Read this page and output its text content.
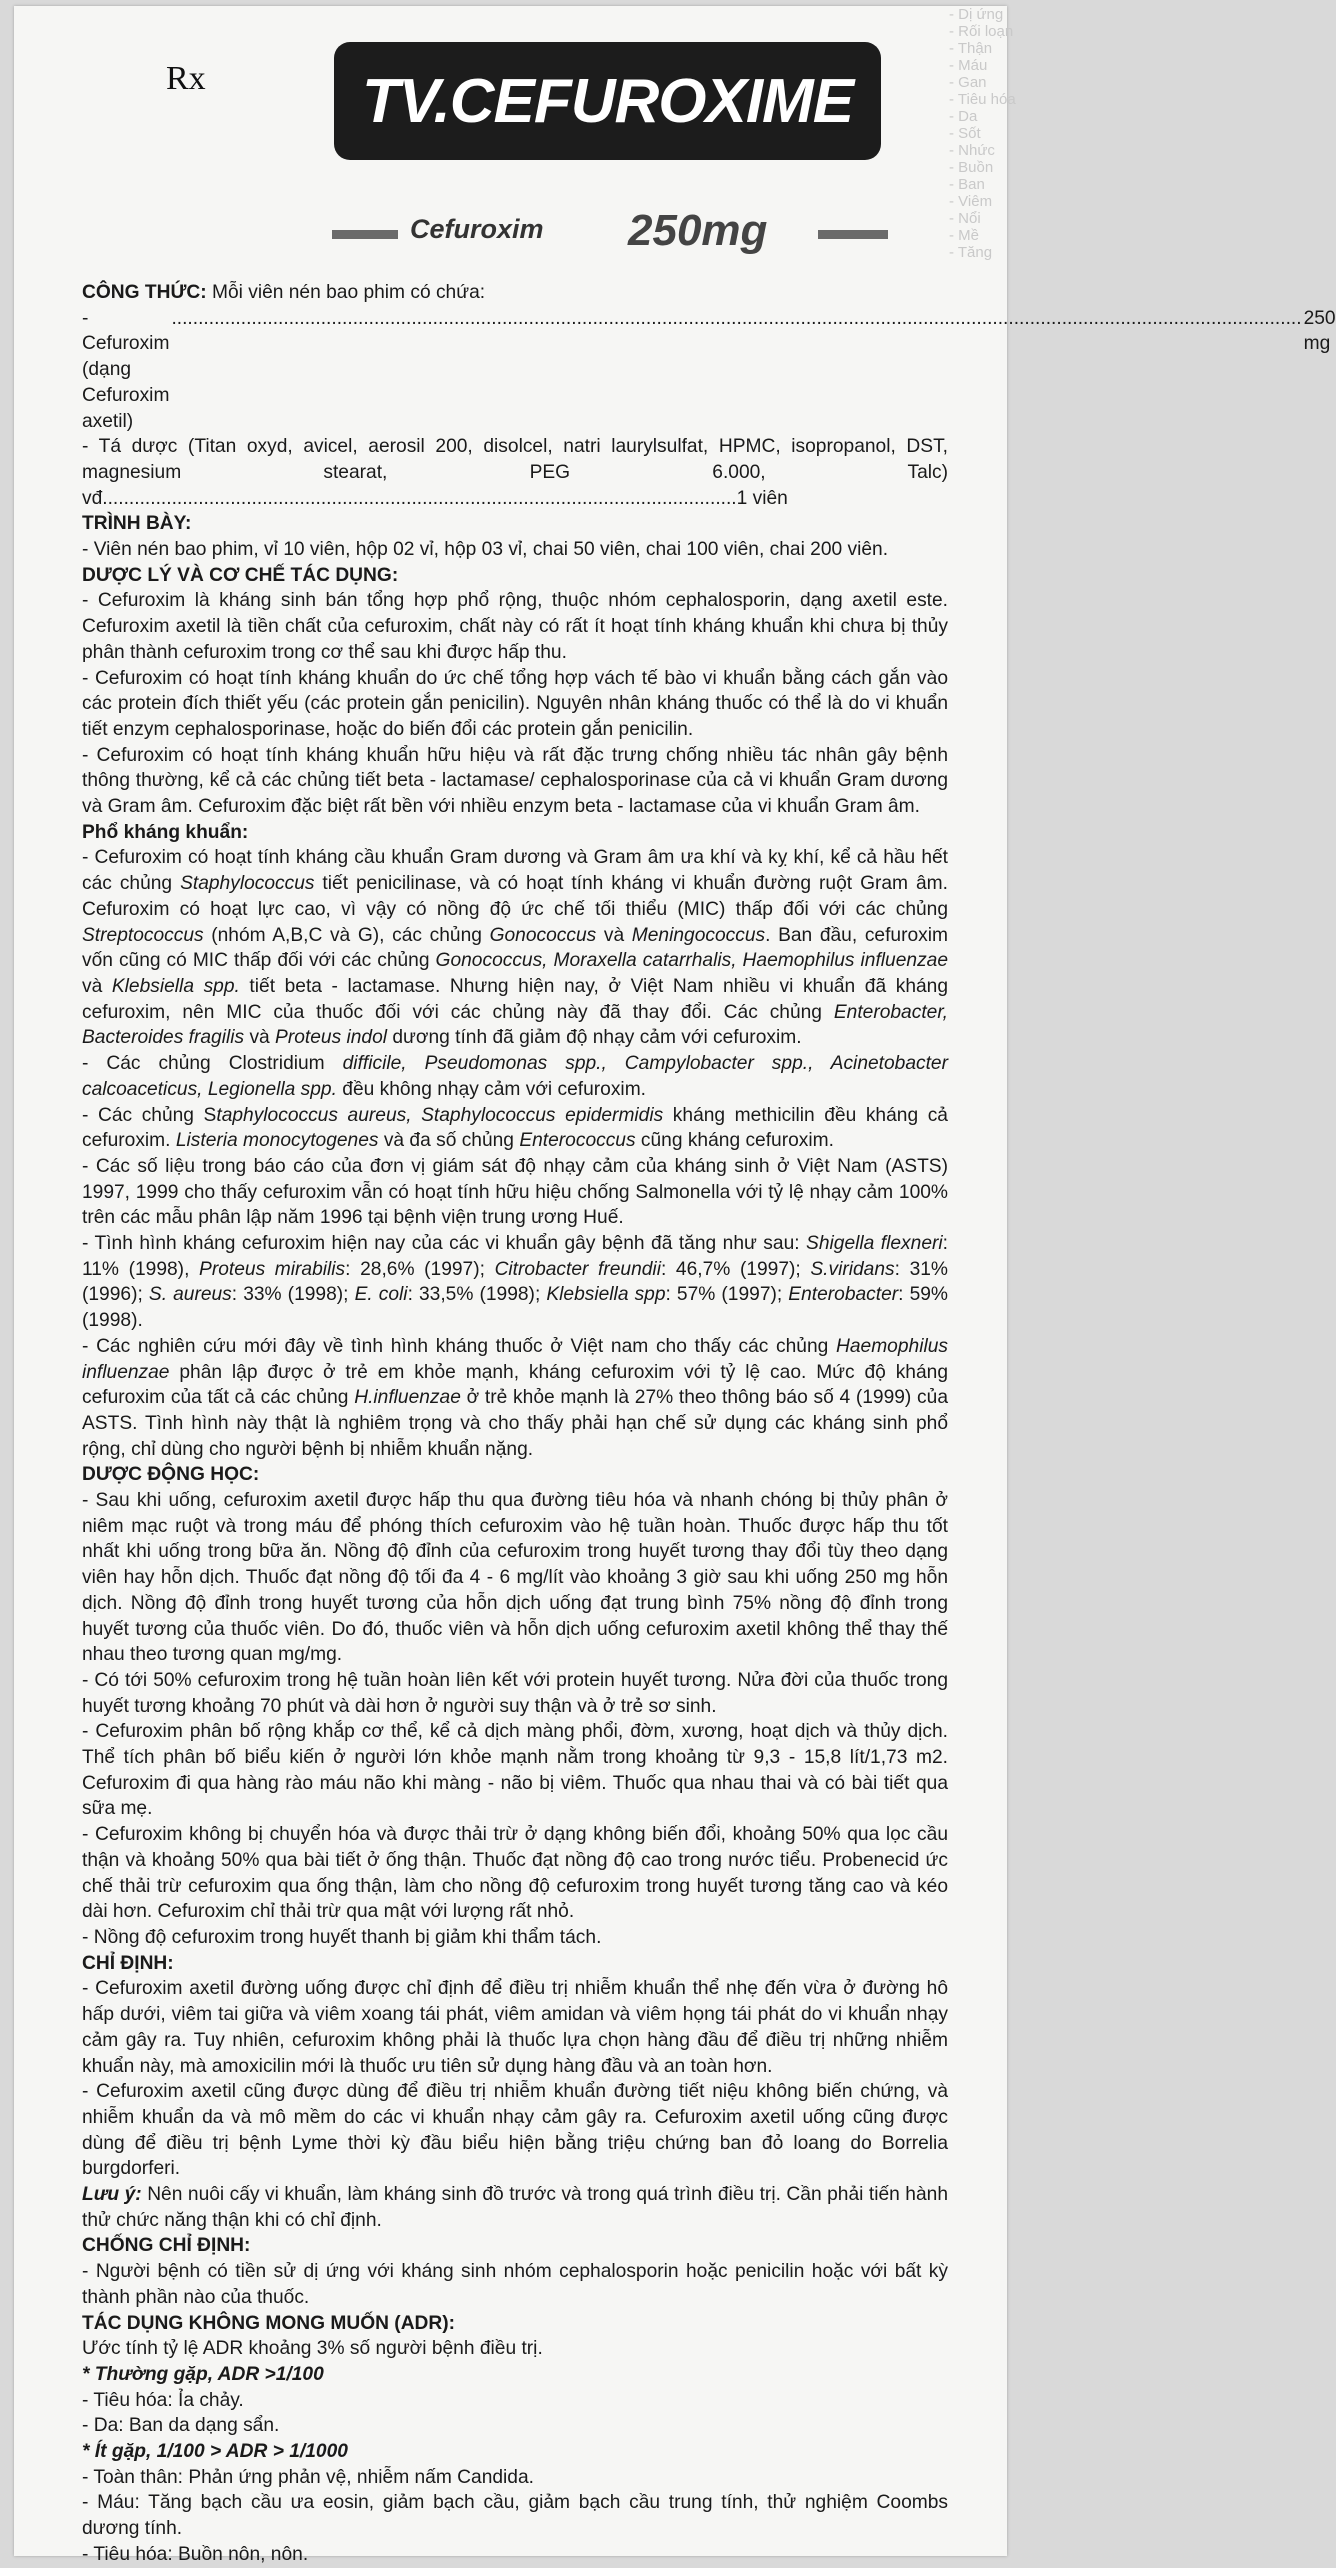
- Dị ứng
- Rối loạn
- Thận
- Máu
- Gan
- Tiêu hóa
- Da
- Sốt
- Nhức
- Buồn
- Ban
- Viêm
- Nổi
- Mề
- Tăng
Rx	TV.CEFUROXIME
Cefuroxim 250mg

CÔNG THỨC: Mỗi viên nén bao phim có chứa:

- Cefuroxim (dạng Cefuroxim axetil)
.....
250 mg

- Tá dược (Titan oxyd, avicel, aerosil 200, disolcel, natri laurylsulfat, HPMC, isopropanol, DST, magnesium stearat, PEG 6.000, Talc) vđ.......................................................................................................................1 viên

TRÌNH BÀY:

- Viên nén bao phim, vỉ 10 viên, hộp 02 vỉ, hộp 03 vỉ, chai 50 viên, chai 100 viên, chai 200 viên.

DƯỢC LÝ VÀ CƠ CHẾ TÁC DỤNG:

- Cefuroxim là kháng sinh bán tổng hợp phổ rộng, thuộc nhóm cephalosporin, dạng axetil este. Cefuroxim axetil là tiền chất của cefuroxim, chất này có rất ít hoạt tính kháng khuẩn khi chưa bị thủy phân thành cefuroxim trong cơ thể sau khi được hấp thu.

- Cefuroxim có hoạt tính kháng khuẩn do ức chế tổng hợp vách tế bào vi khuẩn bằng cách gắn vào các protein đích thiết yếu (các protein gắn penicilin). Nguyên nhân kháng thuốc có thể là do vi khuẩn tiết enzym cephalosporinase, hoặc do biến đổi các protein gắn penicilin.

- Cefuroxim có hoạt tính kháng khuẩn hữu hiệu và rất đặc trưng chống nhiều tác nhân gây bệnh thông thường, kể cả các chủng tiết beta - lactamase/ cephalosporinase của cả vi khuẩn Gram dương và Gram âm. Cefuroxim đặc biệt rất bền với nhiều enzym beta - lactamase của vi khuẩn Gram âm.

Phổ kháng khuẩn:

- Cefuroxim có hoạt tính kháng cầu khuẩn Gram dương và Gram âm ưa khí và kỵ khí, kể cả hầu hết các chủng Staphylococcus tiết penicilinase, và có hoạt tính kháng vi khuẩn đường ruột Gram âm. Cefuroxim có hoạt lực cao, vì vậy có nồng độ ức chế tối thiểu (MIC) thấp đối với các chủng Streptococcus (nhóm A,B,C và G), các chủng Gonococcus và Meningococcus. Ban đầu, cefuroxim vốn cũng có MIC thấp đối với các chủng Gonococcus, Moraxella catarrhalis, Haemophilus influenzae và Klebsiella spp. tiết beta - lactamase. Nhưng hiện nay, ở Việt Nam nhiều vi khuẩn đã kháng cefuroxim, nên MIC của thuốc đối với các chủng này đã thay đổi. Các chủng Enterobacter, Bacteroides fragilis và Proteus indol dương tính đã giảm độ nhạy cảm với cefuroxim.

- Các chủng Clostridium difficile, Pseudomonas spp., Campylobacter spp., Acinetobacter calcoaceticus, Legionella spp. đều không nhạy cảm với cefuroxim.

- Các chủng Staphylococcus aureus, Staphylococcus epidermidis kháng methicilin đều kháng cả cefuroxim. Listeria monocytogenes và đa số chủng Enterococcus cũng kháng cefuroxim.

- Các số liệu trong báo cáo của đơn vị giám sát độ nhạy cảm của kháng sinh ở Việt Nam (ASTS) 1997, 1999 cho thấy cefuroxim vẫn có hoạt tính hữu hiệu chống Salmonella với tỷ lệ nhạy cảm 100% trên các mẫu phân lập năm 1996 tại bệnh viện trung ương Huế.

- Tình hình kháng cefuroxim hiện nay của các vi khuẩn gây bệnh đã tăng như sau: Shigella flexneri: 11% (1998), Proteus mirabilis: 28,6% (1997); Citrobacter freundii: 46,7% (1997); S.viridans: 31% (1996); S. aureus: 33% (1998); E. coli: 33,5% (1998); Klebsiella spp: 57% (1997); Enterobacter: 59% (1998).

- Các nghiên cứu mới đây về tình hình kháng thuốc ở Việt nam cho thấy các chủng Haemophilus influenzae phân lập được ở trẻ em khỏe mạnh, kháng cefuroxim với tỷ lệ cao. Mức độ kháng cefuroxim của tất cả các chủng H.influenzae ở trẻ khỏe mạnh là 27% theo thông báo số 4 (1999) của ASTS. Tình hình này thật là nghiêm trọng và cho thấy phải hạn chế sử dụng các kháng sinh phổ rộng, chỉ dùng cho người bệnh bị nhiễm khuẩn nặng.

DƯỢC ĐỘNG HỌC:

- Sau khi uống, cefuroxim axetil được hấp thu qua đường tiêu hóa và nhanh chóng bị thủy phân ở niêm mạc ruột và trong máu để phóng thích cefuroxim vào hệ tuần hoàn. Thuốc được hấp thu tốt nhất khi uống trong bữa ăn. Nồng độ đỉnh của cefuroxim trong huyết tương thay đổi tùy theo dạng viên hay hỗn dịch. Thuốc đạt nồng độ tối đa 4 - 6 mg/lít vào khoảng 3 giờ sau khi uống 250 mg hỗn dịch. Nồng độ đỉnh trong huyết tương của hỗn dịch uống đạt trung bình 75% nồng độ đỉnh trong huyết tương của thuốc viên. Do đó, thuốc viên và hỗn dịch uống cefuroxim axetil không thể thay thế nhau theo tương quan mg/mg.

- Có tới 50% cefuroxim trong hệ tuần hoàn liên kết với protein huyết tương. Nửa đời của thuốc trong huyết tương khoảng 70 phút và dài hơn ở người suy thận và ở trẻ sơ sinh.

- Cefuroxim phân bố rộng khắp cơ thể, kể cả dịch màng phổi, đờm, xương, hoạt dịch và thủy dịch. Thể tích phân bố biểu kiến ở người lớn khỏe mạnh nằm trong khoảng từ 9,3 - 15,8 lít/1,73 m2. Cefuroxim đi qua hàng rào máu não khi màng - não bị viêm. Thuốc qua nhau thai và có bài tiết qua sữa mẹ.

- Cefuroxim không bị chuyển hóa và được thải trừ ở dạng không biến đổi, khoảng 50% qua lọc cầu thận và khoảng 50% qua bài tiết ở ống thận. Thuốc đạt nồng độ cao trong nước tiểu. Probenecid ức chế thải trừ cefuroxim qua ống thận, làm cho nồng độ cefuroxim trong huyết tương tăng cao và kéo dài hơn. Cefuroxim chỉ thải trừ qua mật với lượng rất nhỏ.

- Nồng độ cefuroxim trong huyết thanh bị giảm khi thẩm tách.

CHỈ ĐỊNH:

- Cefuroxim axetil đường uống được chỉ định để điều trị nhiễm khuẩn thể nhẹ đến vừa ở đường hô hấp dưới, viêm tai giữa và viêm xoang tái phát, viêm amidan và viêm họng tái phát do vi khuẩn nhạy cảm gây ra. Tuy nhiên, cefuroxim không phải là thuốc lựa chọn hàng đầu để điều trị những nhiễm khuẩn này, mà amoxicilin mới là thuốc ưu tiên sử dụng hàng đầu và an toàn hơn.

- Cefuroxim axetil cũng được dùng để điều trị nhiễm khuẩn đường tiết niệu không biến chứng, và nhiễm khuẩn da và mô mềm do các vi khuẩn nhạy cảm gây ra. Cefuroxim axetil uống cũng được dùng để điều trị bệnh Lyme thời kỳ đầu biểu hiện bằng triệu chứng ban đỏ loang do Borrelia burgdorferi.

Lưu ý: Nên nuôi cấy vi khuẩn, làm kháng sinh đồ trước và trong quá trình điều trị. Cần phải tiến hành thử chức năng thận khi có chỉ định.

CHỐNG CHỈ ĐỊNH:

- Người bệnh có tiền sử dị ứng với kháng sinh nhóm cephalosporin hoặc penicilin hoặc với bất kỳ thành phần nào của thuốc.

TÁC DỤNG KHÔNG MONG MUỐN (ADR):

Ước tính tỷ lệ ADR khoảng 3% số người bệnh điều trị.

* Thường gặp, ADR >1/100

- Tiêu hóa: Ỉa chảy.

- Da: Ban da dạng sẩn.

* Ít gặp, 1/100 > ADR > 1/1000

- Toàn thân: Phản ứng phản vệ, nhiễm nấm Candida.

- Máu: Tăng bạch cầu ưa eosin, giảm bạch cầu, giảm bạch cầu trung tính, thử nghiệm Coombs dương tính.

- Tiêu hóa: Buồn nôn, nôn.
